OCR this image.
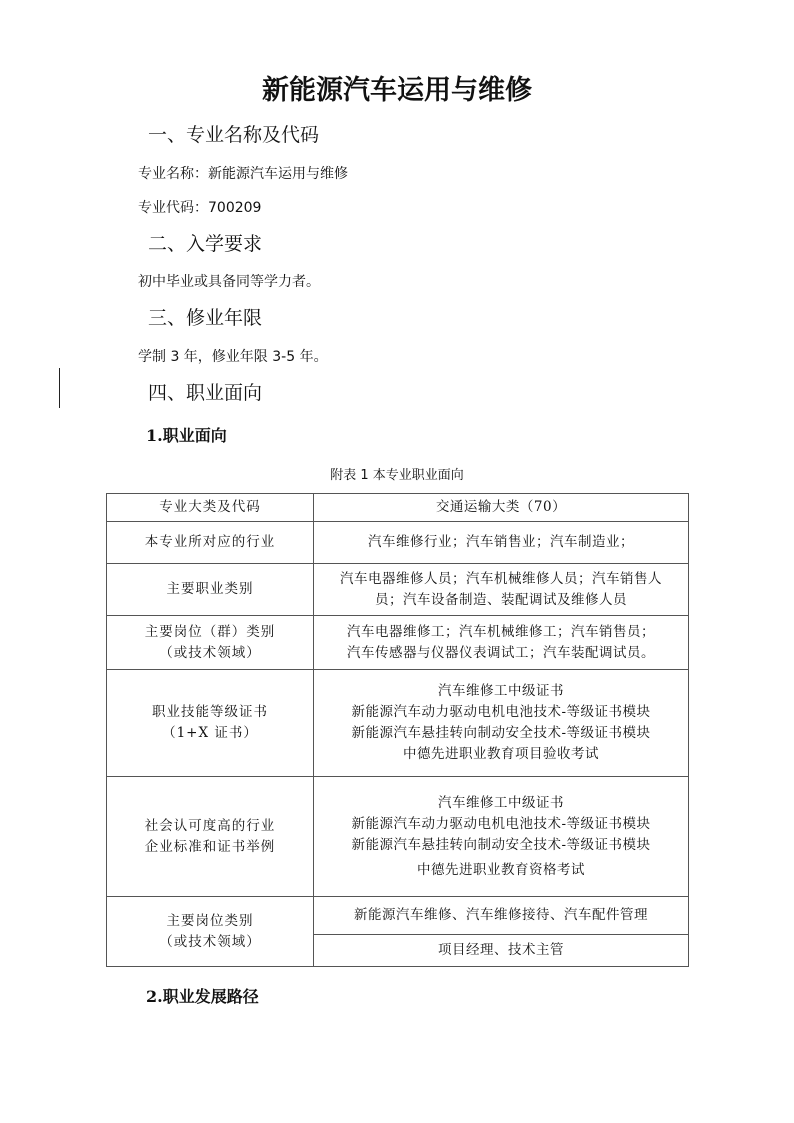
新能源汽车运用与维修
一、专业名称及代码
专业名称：新能源汽车运用与维修
专业代码：700209
二、入学要求
初中毕业或具备同等学力者。
三、修业年限
学制 3 年，修业年限 3-5 年。
四、职业面向
1.职业面向
附表 1 本专业职业面向
专业大类及代码	交通运输大类（70）
本专业所对应的行业	汽车维修行业；汽车销售业；汽车制造业；
主要职业类别	汽车电器维修人员；汽车机械维修人员；汽车销售人
员；汽车设备制造、装配调试及维修人员

主要岗位（群）类别
（或技术领域）	汽车电器维修工；汽车机械维修工；汽车销售员；
汽车传感器与仪器仪表调试工；汽车装配调试员。

职业技能等级证书
（1+X 证书）	汽车维修工中级证书
新能源汽车动力驱动电机电池技术-等级证书模块
新能源汽车悬挂转向制动安全技术-等级证书模块
中德先进职业教育项目验收考试

社会认可度高的行业
企业标准和证书举例	汽车维修工中级证书
新能源汽车动力驱动电机电池技术-等级证书模块
新能源汽车悬挂转向制动安全技术-等级证书模块
中德先进职业教育资格考试

主要岗位类别
（或技术领域）	新能源汽车维修、汽车维修接待、汽车配件管理
	项目经理、技术主管
2.职业发展路径
